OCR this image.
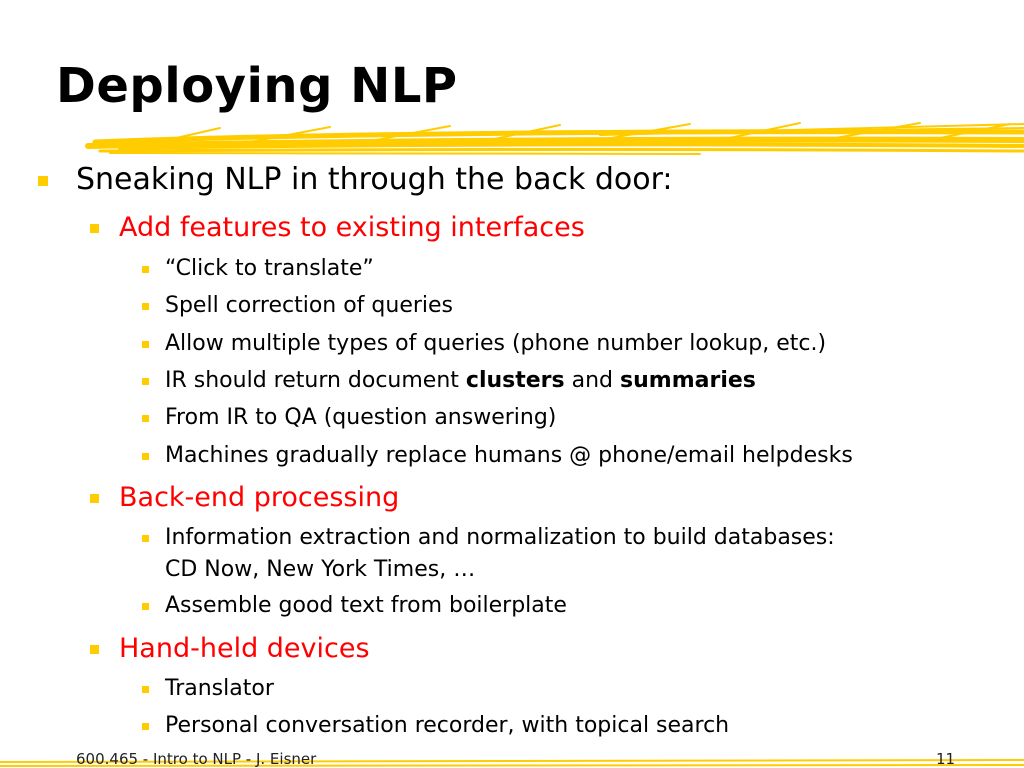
Deploying NLP
Sneaking NLP in through the back door:
Add features to existing interfaces
“Click to translate”
Spell correction of queries
Allow multiple types of queries (phone number lookup, etc.)
IR should return document clusters and summaries
From IR to QA (question answering)
Machines gradually replace humans @ phone/email helpdesks
Back-end processing
Information extraction and normalization to build databases:
CD Now, New York Times, …
Assemble good text from boilerplate
Hand-held devices
Translator
Personal conversation recorder, with topical search
600.465 - Intro to NLP - J. Eisner	11
